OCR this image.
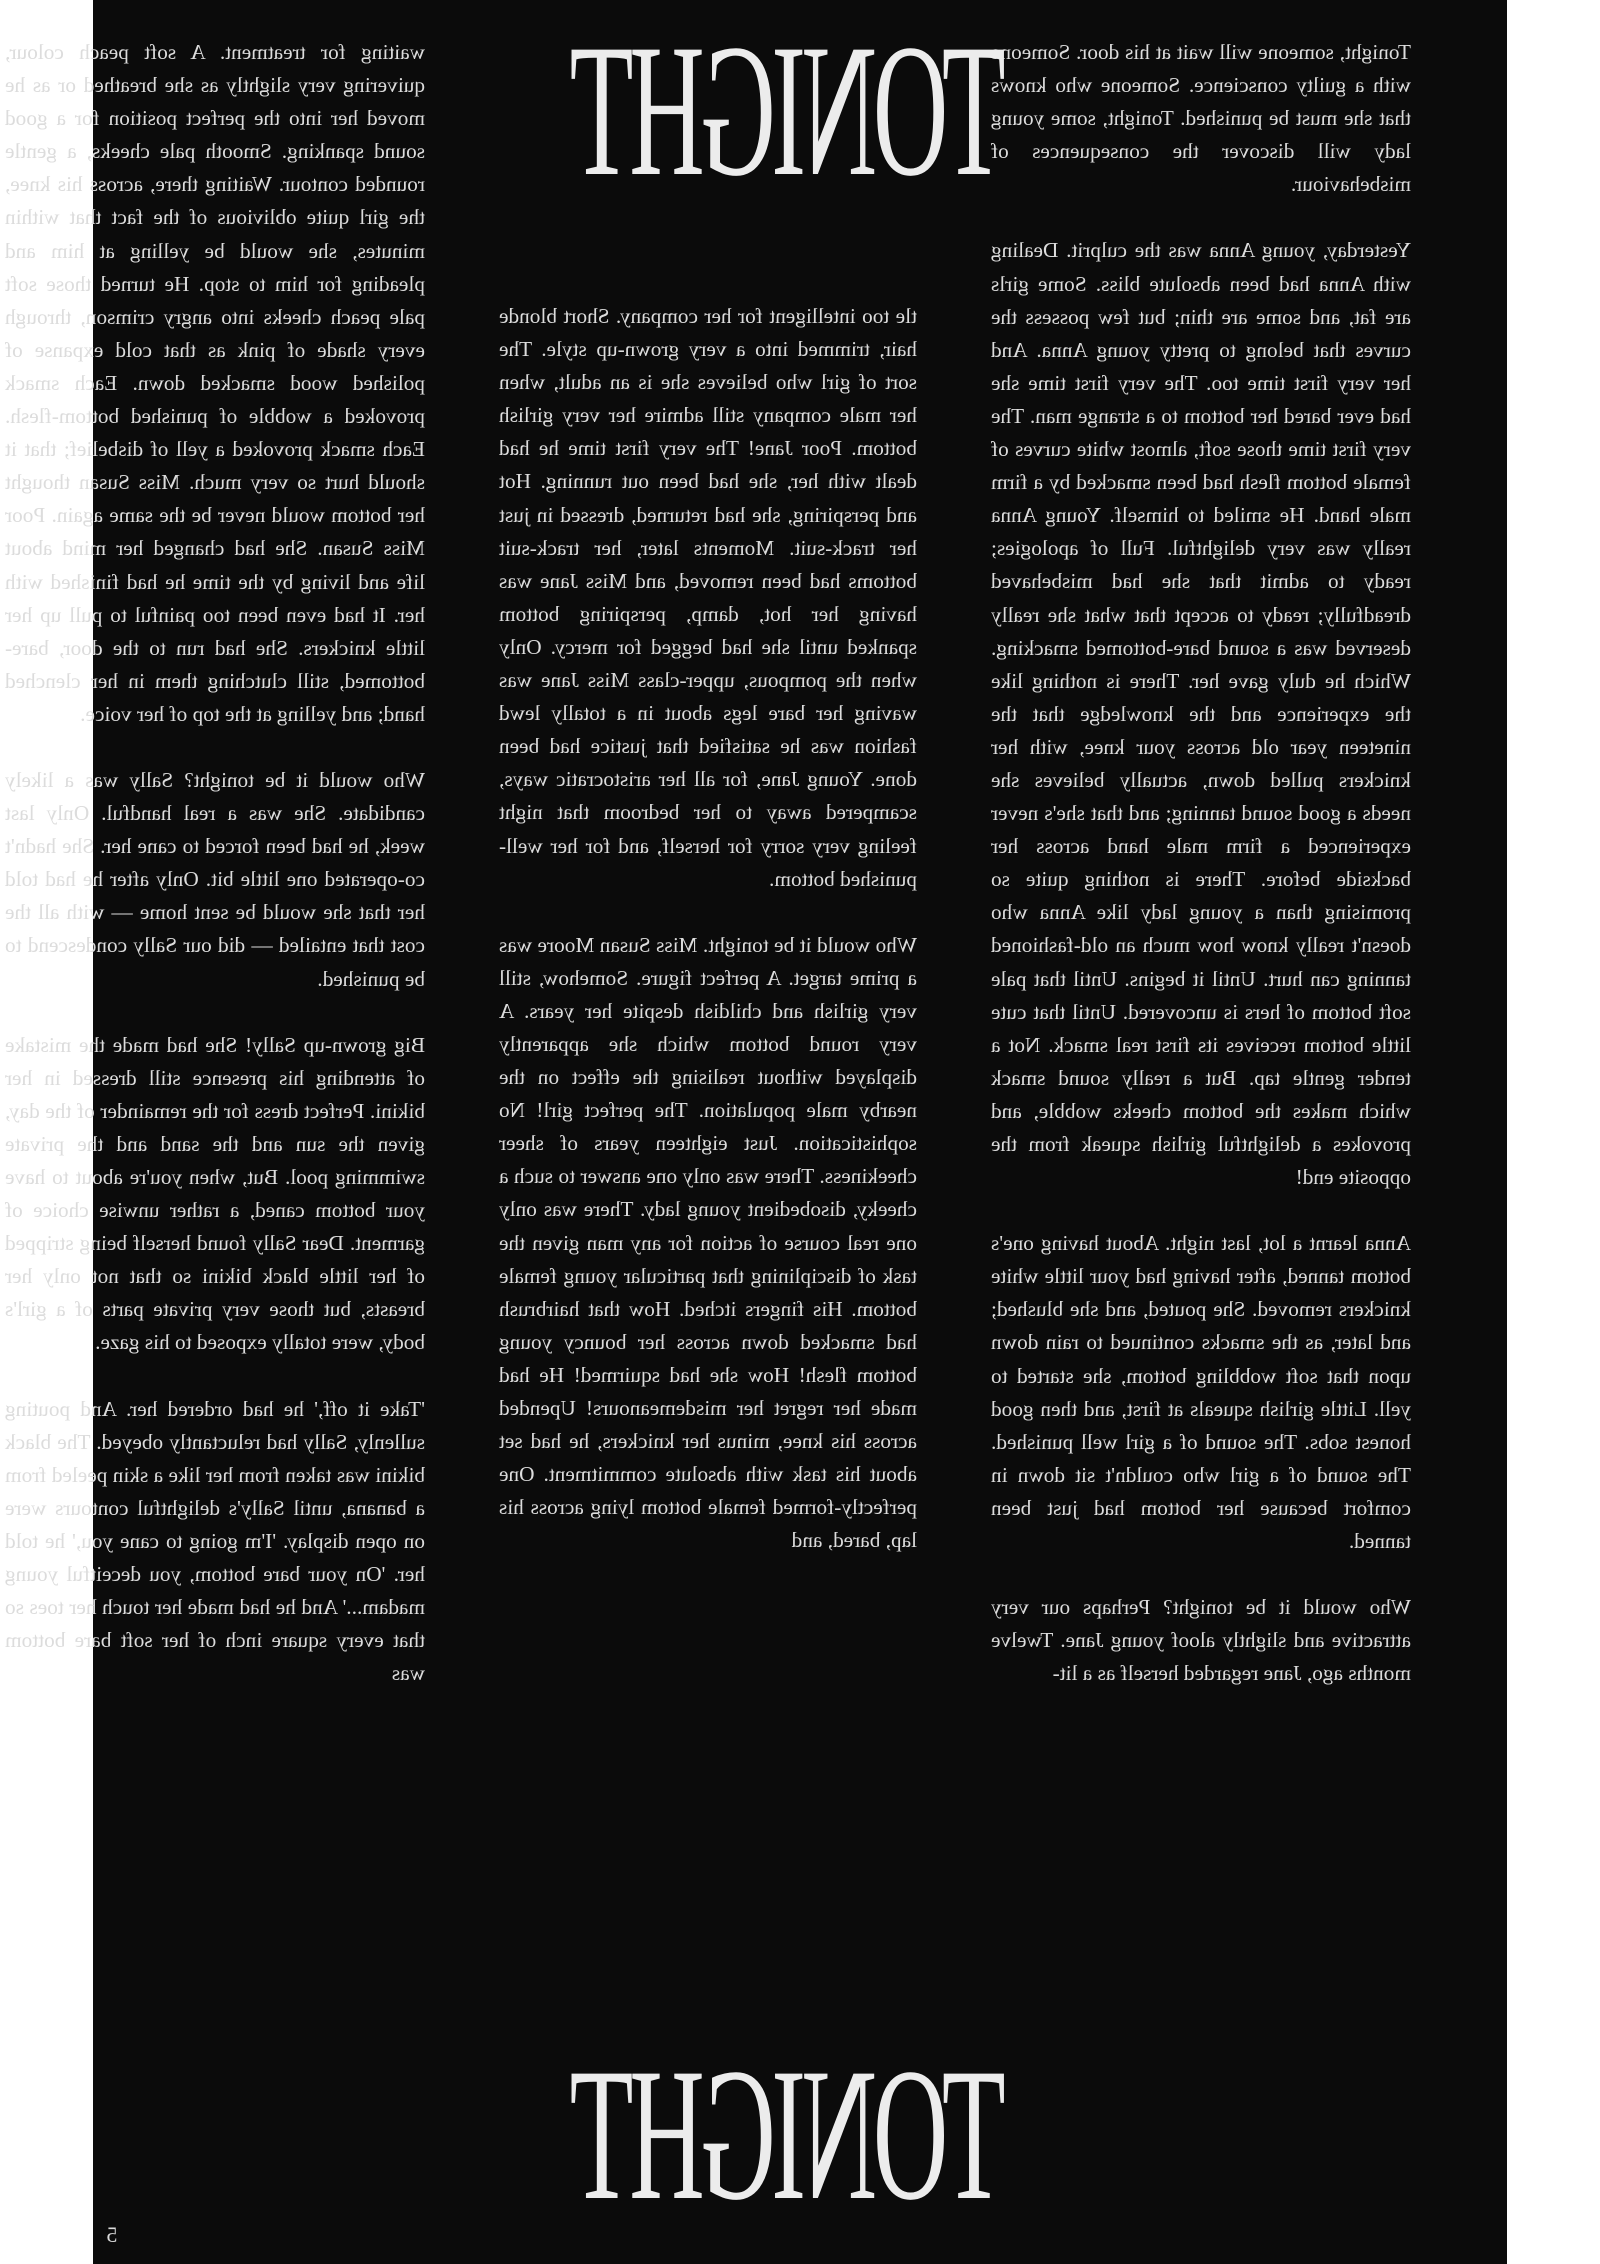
Tonight, someone will wait at his door. Someone with a guilty conscience. Someone who knows that she must be punished. Tonight, some young lady will discover the consequences of misbehaviour.

Yesterday, young Anna was the culprit. Dealing with Anna had been absolute bliss. Some girls are fat, and some are thin; but few possess the curves that belong to pretty young Anna. And her very first time too. The very first time she had ever bared her bottom to a strange man. The very first time those soft, almost white curves of female bottom flesh had been smacked by a firm male hand. He smiled to himself. Young Anna really was very delightful. Full of apologies; ready to admit that she had misbehaved dreadfully; ready to accept that what she really deserved was a sound bare-bottomed smacking. Which he duly gave her. There is nothing like the experience and the knowledge that the nineteen year old across your knee, with her knickers pulled down, actually believes she needs a good sound tanning; and that she's never experienced a firm male hand across her backside before. There is nothing quite so promising than a young lady like Anna who doesn't really know how much an old-fashioned tanning can hurt. Until it begins. Until that pale soft bottom of hers is uncovered. Until that cute little bottom receives its first real smack. Not a tender gentle tap. But a really sound smack which makes the bottom cheeks wobble, and provokes a delightful girlish squeak from the opposite end!

Anna learnt a lot, last night. About having one's bottom tanned, after having had your little white knickers removed. She pouted, and she blushed; and later, as the smacks continued to rain down upon that soft wobbling bottom, she started to yell. Little girlish squeals at first, and then good honest sobs. The sound of a girl well punished. The sound of a girl who couldn't sit down in comfort because her bottom had just been tanned.

Who would it be tonight? Perhaps our very attractive and slightly aloof young Jane. Twelve months ago, Jane regarded herself as a lit-

TONIGHT

tle too intelligent for her company. Short blonde hair, trimmed into a very grown-up style. The sort of girl who believes she is an adult, when her male company still admire her very girlish bottom. Poor Jane! The very first time he had dealt with her, she had been out running. Hot and perspiring, she had returned, dressed in just her track-suit. Moments later, her track-suit bottoms had been removed, and Miss Jane was having her hot, damp, perspiring bottom spanked until she had begged for mercy. Only when the pompous, upper-class Miss Jane was waving her bare legs about in a totally lewd fashion was he satisfied that justice had been done. Young Jane, for all her aristocratic ways, scampered away to her bedroom that night feeling very sorry for herself, and for her well-punished bottom.

Who would it be tonight. Miss Susan Moore was a prime target. A perfect figure. Somehow, still very girlish and childish despite her years. A very round bottom which she apparently displayed without realising the effect on the nearby male population. The perfect girl! No sophistication. Just eighteen years of sheer cheekiness. There was only one answer to such a cheeky, disobedient young lady. There was only one real course of action for any man given the task of disciplining that particular young female bottom. His fingers itched. How that hairbrush had smacked down across her bouncy young bottom flesh! How she had squirmed! He had made her regret her misdemeanours! Upended across his knee, minus her knickers, he had set about his task with absolute commitment. One perfectly-formed female bottom lying across his lap, bared, and

TONIGHT

waiting for treatment. A soft peach colour, quivering very slightly as she breathed or as he moved her into the perfect position for a good sound spanking. Smooth pale cheeks, a gentle rounded contour. Waiting there, across his knee, the girl quite oblivious of the fact that within minutes, she would be yelling at him and pleading for him to stop. He turned those soft pale peach cheeks into angry crimson, through every shade of pink as that cold expanse of polished wood smacked down. Each smack provoked a wobble of punished bottom-flesh. Each smack provoked a yell of disbelief; that it should hurt so very much. Miss Susan thought her bottom would never be the same again. Poor Miss Susan. She had changed her mind about life and living by the time he had finished with her. It had even been too painful to pull up her little knickers. She had run to the door, bare-bottomed, still clutching them in her clenched hand; and yelling at the top of her voice.

Who would it be tonight? Sally was a likely candidate. She was a real handful. Only last week, he had been forced to cane her. She hadn't co-operated one little bit. Only after he had told her that she would be sent home — with all the cost that entailed — did our Sally condescend to be punished.

Big grown-up Sally! She had made the mistake of attending his presence still dressed in her bikini. Perfect dress for the remainder of the day, given the sun and the sand and the private swimming pool. But, when you're about to have your bottom caned, a rather unwise choice of garment. Dear Sally found herself being stripped of her little black bikini so that not only her breasts, but those very private parts of a girl's body, were totally exposed to his gaze.

'Take it off,' he had ordered her. And pouting sullenly, Sally had reluctantly obeyed. The black bikini was taken from her like a skin peeled from a banana, until Sally's delightful contours were on open display. 'I'm going to cane you,' he told her. 'On your bare bottom, you deceitful young madam...' And he had made her touch her toes so that every square inch of her soft bare bottom was

5
